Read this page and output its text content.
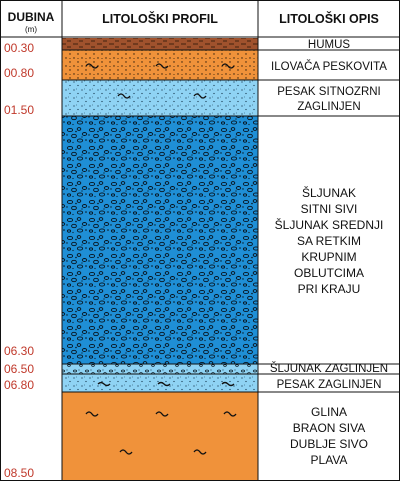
DUBINA
(m)
LITOLOŠKI PROFIL	LITOLOŠKI OPIS
00.30
00.80
01.50
06.30
06.50
06.80
08.50
HUMUS
ILOVAČA PESKOVITA
PESAK SITNOZRNI
ZAGLINJEN
ŠLJUNAK
SITNI SIVI
ŠLJUNAK SREDNJI
SA RETKIM
KRUPNIM
OBLUTCIMA
PRI KRAJU
ŠLJUNAK ZAGLINJEN
PESAK ZAGLINJEN
GLINA
BRAON SIVA
DUBLJE SIVO
PLAVA
